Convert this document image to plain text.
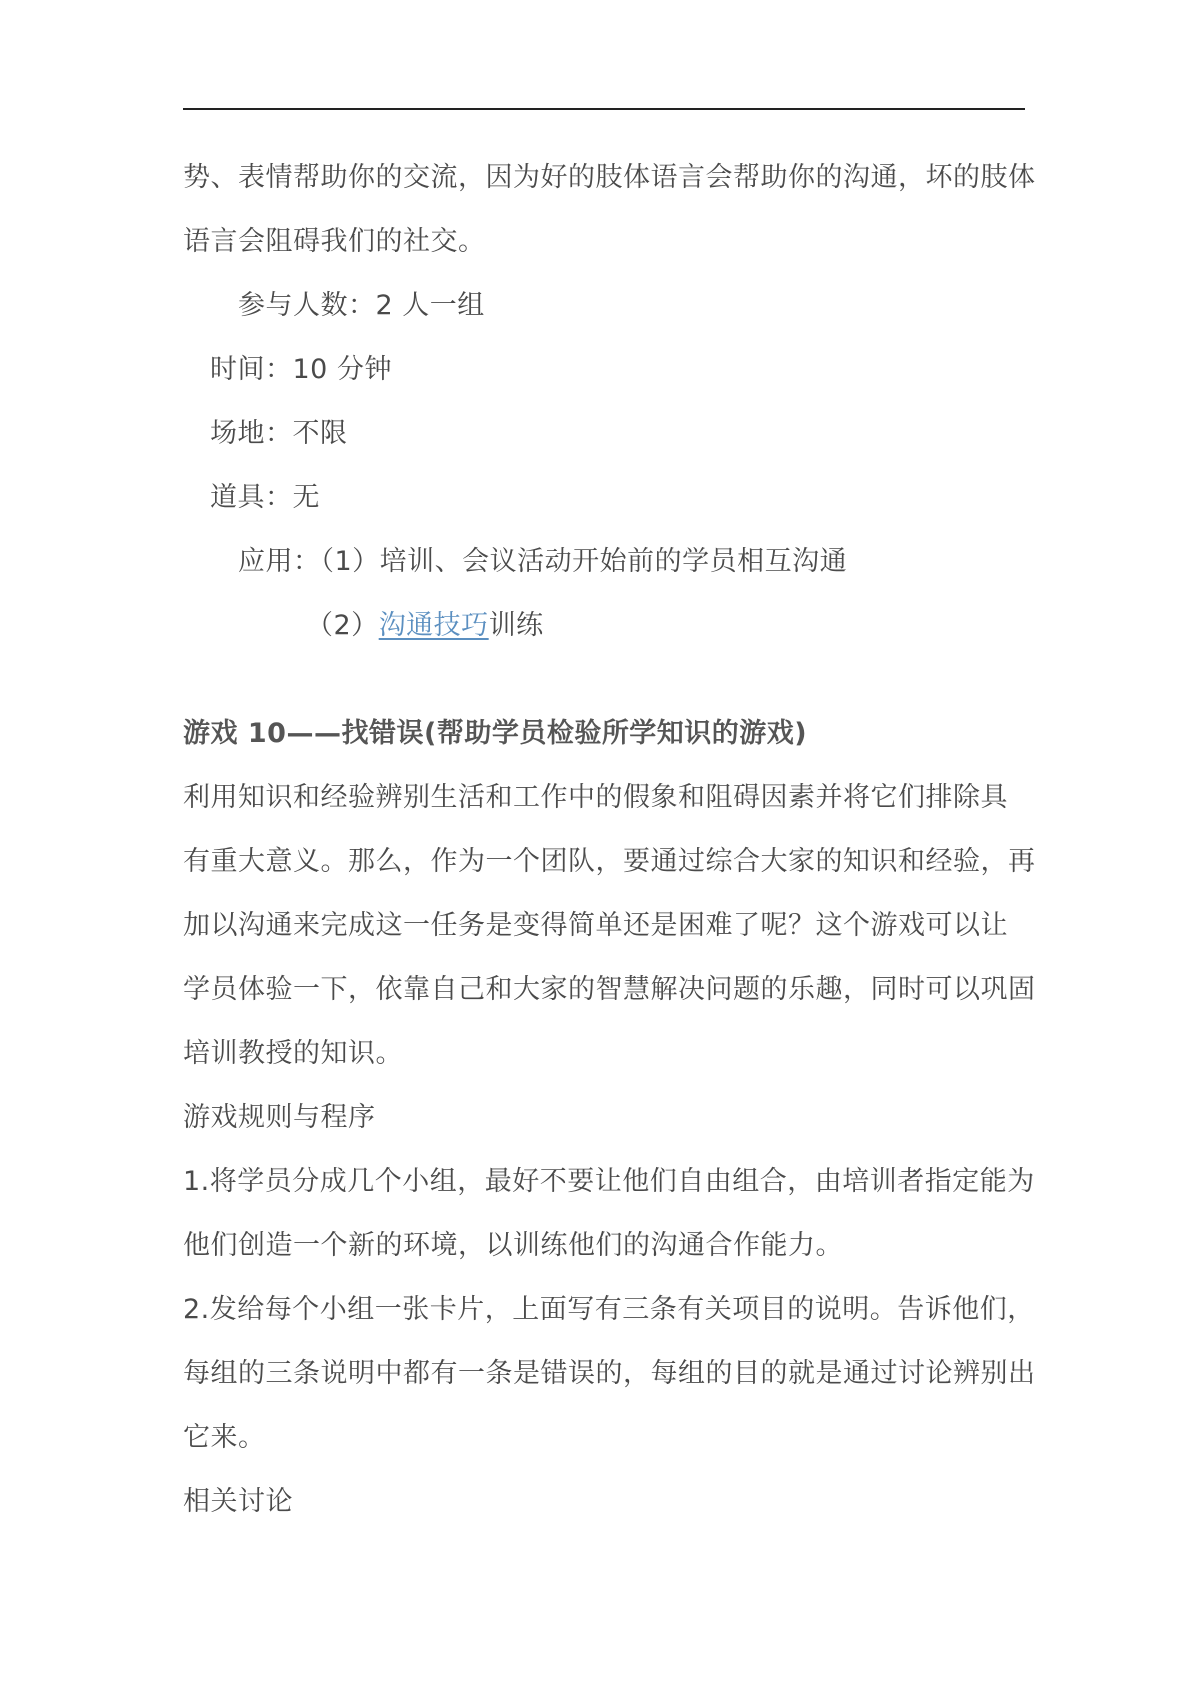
势、表情帮助你的交流，因为好的肢体语言会帮助你的沟通，坏的肢体
语言会阻碍我们的社交。
参与人数：2 人一组
时间：10 分钟
场地：不限
道具：无
应用：（1）培训、会议活动开始前的学员相互沟通
（2）沟通技巧训练
游戏 10——找错误(帮助学员检验所学知识的游戏)
利用知识和经验辨别生活和工作中的假象和阻碍因素并将它们排除具
有重大意义。那么，作为一个团队，要通过综合大家的知识和经验，再
加以沟通来完成这一任务是变得简单还是困难了呢？这个游戏可以让
学员体验一下，依靠自己和大家的智慧解决问题的乐趣，同时可以巩固
培训教授的知识。
游戏规则与程序
1.将学员分成几个小组，最好不要让他们自由组合，由培训者指定能为
他们创造一个新的环境，以训练他们的沟通合作能力。
2.发给每个小组一张卡片，上面写有三条有关项目的说明。告诉他们，
每组的三条说明中都有一条是错误的，每组的目的就是通过讨论辨别出
它来。
相关讨论
